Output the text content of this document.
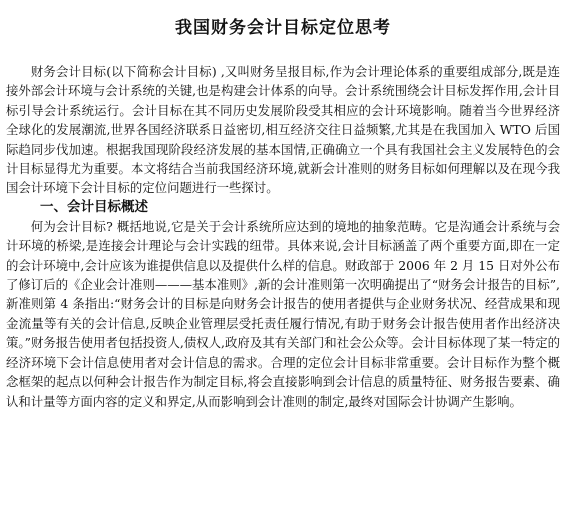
我国财务会计目标定位思考

财务会计目标(以下简称会计目标) ,又叫财务呈报目标,作为会计理论体系的重要组成部分,既是连接外部会计环境与会计系统的关键,也是构建会计体系的向导。会计系统围绕会计目标发挥作用,会计目标引导会计系统运行。会计目标在其不同历史发展阶段受其相应的会计环境影响。随着当今世界经济全球化的发展潮流,世界各国经济联系日益密切,相互经济交往日益频繁,尤其是在我国加入 WTO 后国际趋同步伐加速。根据我国现阶段经济发展的基本国情,正确确立一个具有我国社会主义发展特色的会计目标显得尤为重要。本文将结合当前我国经济环境,就新会计准则的财务目标如何理解以及在现今我国会计环境下会计目标的定位问题进行一些探讨。

一、会计目标概述

何为会计目标? 概括地说,它是关于会计系统所应达到的境地的抽象范畴。它是沟通会计系统与会计环境的桥梁,是连接会计理论与会计实践的纽带。具体来说,会计目标涵盖了两个重要方面,即在一定的会计环境中,会计应该为谁提供信息以及提供什么样的信息。财政部于 2006 年 2 月 15 日对外公布了修订后的《企业会计准则———基本准则》,新的会计准则第一次明确提出了“财务会计报告的目标”,新准则第 4 条指出:“财务会计的目标是向财务会计报告的使用者提供与企业财务状况、经营成果和现金流量等有关的会计信息,反映企业管理层受托责任履行情况,有助于财务会计报告使用者作出经济决策。”财务报告使用者包括投资人,债权人,政府及其有关部门和社会公众等。会计目标体现了某一特定的经济环境下会计信息使用者对会计信息的需求。合理的定位会计目标非常重要。会计目标作为整个概念框架的起点以何种会计报告作为制定目标,将会直接影响到会计信息的质量特征、财务报告要素、确认和计量等方面内容的定义和界定,从而影响到会计准则的制定,最终对国际会计协调产生影响。
